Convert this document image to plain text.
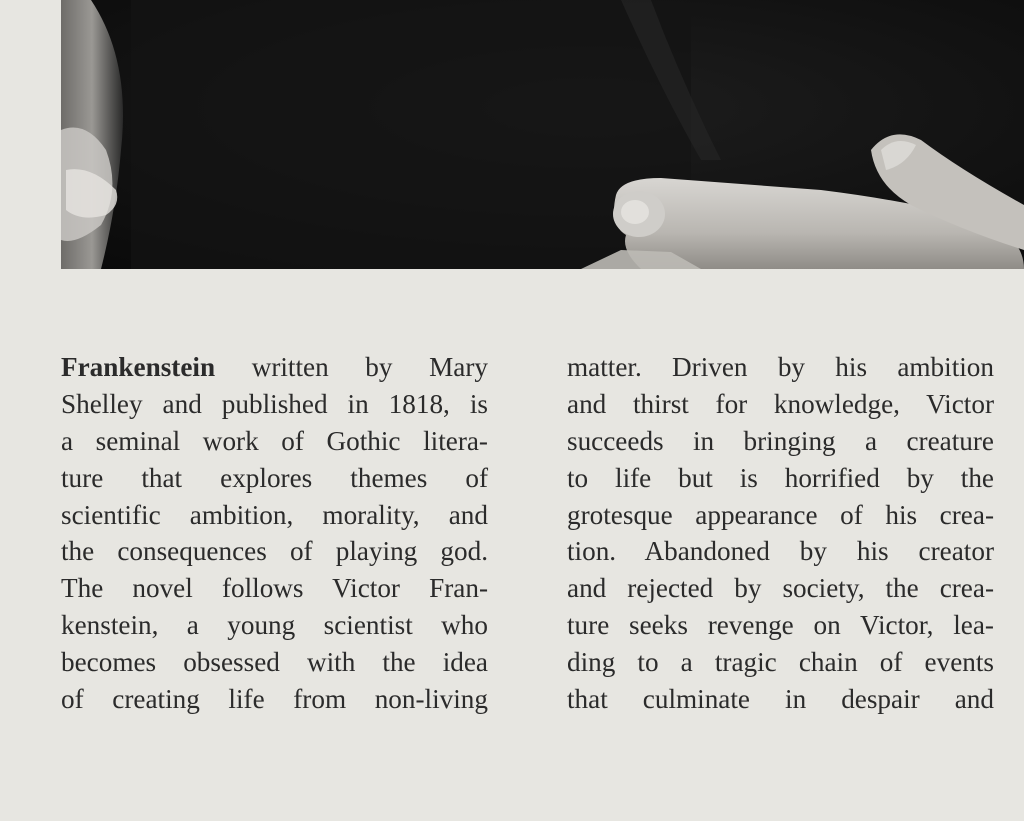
Frankenstein written by Mary
Shelley and published in 1818, is
a seminal work of Gothic litera-
ture that explores themes of
scientific ambition, morality, and
the consequences of playing god.
The novel follows Victor Fran-
kenstein, a young scientist who
becomes obsessed with the idea
of creating life from non-living
matter. Driven by his ambition
and thirst for knowledge, Victor
succeeds in bringing a creature
to life but is horrified by the
grotesque appearance of his crea-
tion. Abandoned by his creator
and rejected by society, the crea-
ture seeks revenge on Victor, lea-
ding to a tragic chain of events
that culminate in despair and
